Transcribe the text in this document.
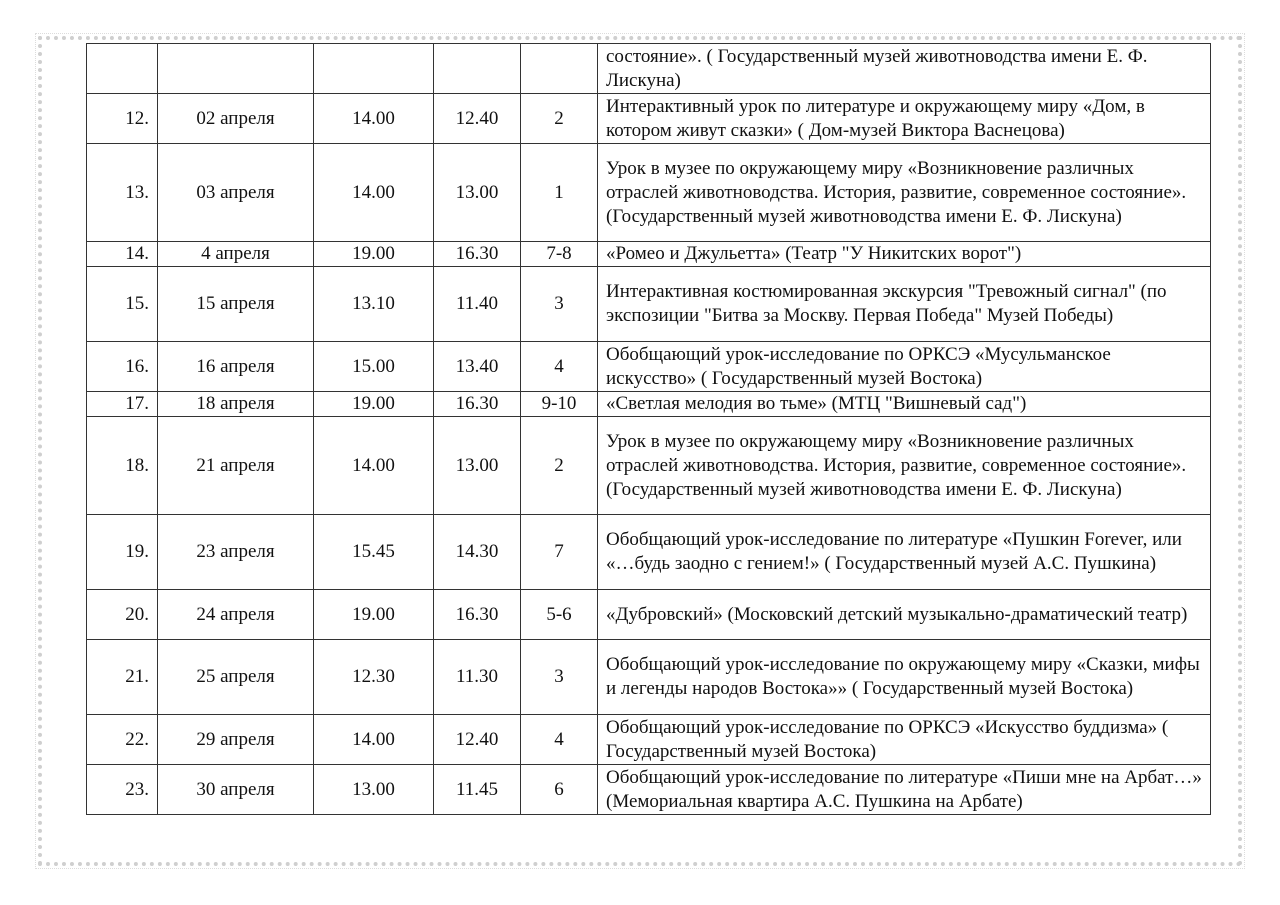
					состояние». ( Государственный музей животноводства имени Е. Ф. Лискуна)
12.	02 апреля	14.00	12.40	2	Интерактивный урок по литературе и окружающему миру «Дом, в котором живут сказки» ( Дом-музей Виктора Васнецова)
13.	03 апреля	14.00	13.00	1	Урок в музее по окружающему миру «Возникновение различных отраслей животноводства. История, развитие, современное состояние». (Государственный музей животноводства имени Е. Ф. Лискуна)
14.	4 апреля	19.00	16.30	7-8	«Ромео и Джульетта» (Театр "У Никитских ворот")
15.	15 апреля	13.10	11.40	3	Интерактивная костюмированная экскурсия "Тревожный сигнал" (по экспозиции "Битва за Москву. Первая Победа" Музей Победы)
16.	16 апреля	15.00	13.40	4	Обобщающий урок-исследование по ОРКСЭ «Мусульманское искусство» ( Государственный музей Востока)
17.	18 апреля	19.00	16.30	9-10	«Светлая мелодия во тьме» (МТЦ "Вишневый сад")
18.	21 апреля	14.00	13.00	2	Урок в музее по окружающему миру «Возникновение различных отраслей животноводства. История, развитие, современное состояние». (Государственный музей животноводства имени Е. Ф. Лискуна)
19.	23 апреля	15.45	14.30	7	Обобщающий урок-исследование по литературе «Пушкин Forever, или «…будь заодно с гением!» ( Государственный музей А.С. Пушкина)
20.	24 апреля	19.00	16.30	5-6	«Дубровский» (Московский детский музыкально-драматический театр)
21.	25 апреля	12.30	11.30	3	Обобщающий урок-исследование по окружающему миру «Сказки, мифы и легенды народов Востока»» ( Государственный музей Востока)
22.	29 апреля	14.00	12.40	4	Обобщающий урок-исследование по ОРКСЭ «Искусство буддизма» ( Государственный музей Востока)
23.	30 апреля	13.00	11.45	6	Обобщающий урок-исследование по литературе «Пиши мне на Арбат…» (Мемориальная квартира А.С. Пушкина на Арбате)
